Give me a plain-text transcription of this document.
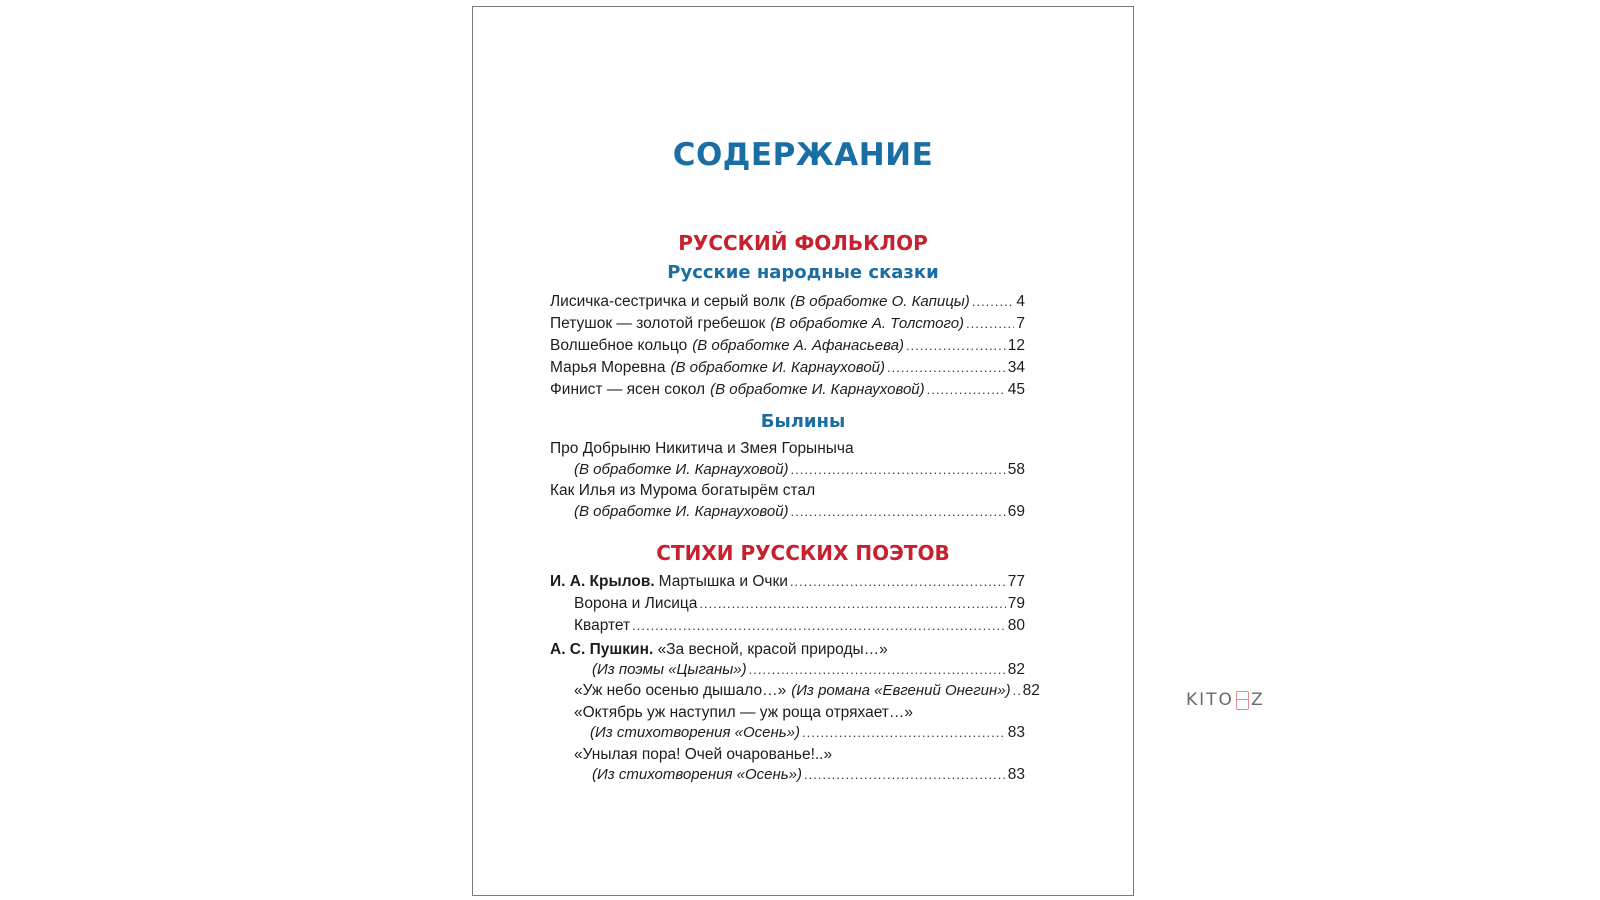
СОДЕРЖАНИЕ
РУССКИЙ ФОЛЬКЛОР
Русские народные сказки
Лисичка-сестричка и серый волк (В обработке О. Капицы) .....	4
Петушок — золотой гребешок (В обработке А. Толстого) .....	7
Волшебное кольцо (В обработке А. Афанасьева) .....	12
Марья Моревна (В обработке И. Карнауховой) .....	34
Финист — ясен сокол (В обработке И. Карнауховой) .....	45
Былины
Про Добрыню Никитича и Змея Горыныча
(В обработке И. Карнауховой) .....	58
Как Илья из Мурома богатырём стал
(В обработке И. Карнауховой) .....	69
СТИХИ РУССКИХ ПОЭТОВ
И. А. Крылов. Мартышка и Очки .....	77
Ворона и Лисица .....	79
Квартет .....	80
А. С. Пушкин. «За весной, красой природы…»
(Из поэмы «Цыганы») .....	82
«Уж небо осенью дышало…» (Из романа «Евгений Онегин») ..... 82
«Октябрь уж наступил — уж роща отряхает…»
(Из стихотворения «Осень») .....	83
«Унылая пора! Очей очарованье!..»
(Из стихотворения «Осень») .....	83
KITO Z
